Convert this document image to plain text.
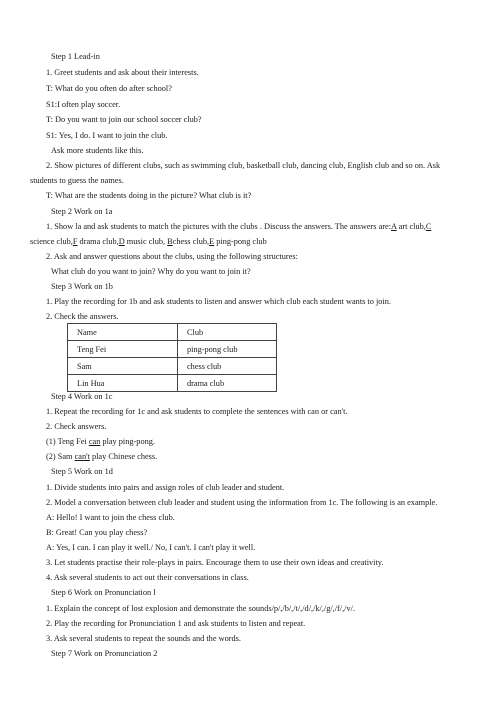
Step 1 Lead-in
1. Greet students and ask about their interests.
T: What do you often do after school?
S1:I often play soccer.
T: Do you want to join our school soccer club?
S1: Yes, I do. I want to join the club.
Ask more students like this.
2. Show pictures of different clubs, such as swimming club, basketball club, dancing club, English club and so on. Ask
students to guess the names.
T: What are the students doing in the picture? What club is it?
Step 2 Work on 1a
1. Show la and ask students to match the pictures with the clubs . Discuss the answers. The answers are:A art club,C
science club,F drama club,D music club, Bchess club,E ping-pong club
2. Ask and answer questions about the clubs, using the following structures:
What club do you want to join? Why do you want to join it?
Step 3 Work on 1b
1. Play the recording for 1b and ask students to listen and answer which club each student wants to join.
2. Check the answers.
Name	Club
Teng Fei	ping-pong club
Sam	chess club
Lin Hua	drama club
Step 4 Work on 1c
1. Repeat the recording for 1c and ask students to complete the sentences with can or can't.
2. Check answers.
(1) Teng Fei can play ping-pong.
(2) Sam can't play Chinese chess.
Step 5 Work on 1d
1. Divide students into pairs and assign roles of club leader and student.
2. Model a conversation between club leader and student using the information from 1c. The following is an example.
A: Hello! I want to join the chess club.
B: Great! Can you play chess?
A: Yes, I can. I can play it well./ No, I can't. I can't play it well.
3. Let students practise their role-plays in pairs. Encourage them to use their own ideas and creativity.
4. Ask several students to act out their conversations in class.
Step 6 Work on Pronunciation l
1. Explain the concept of lost explosion and demonstrate the sounds/p/,/b/,/t/,/d/,/k/,/g/,/f/,/v/.
2. Play the recording for Pronunciation 1 and ask students to listen and repeat.
3. Ask several students to repeat the sounds and the words.
Step 7 Work on Pronunciation 2
